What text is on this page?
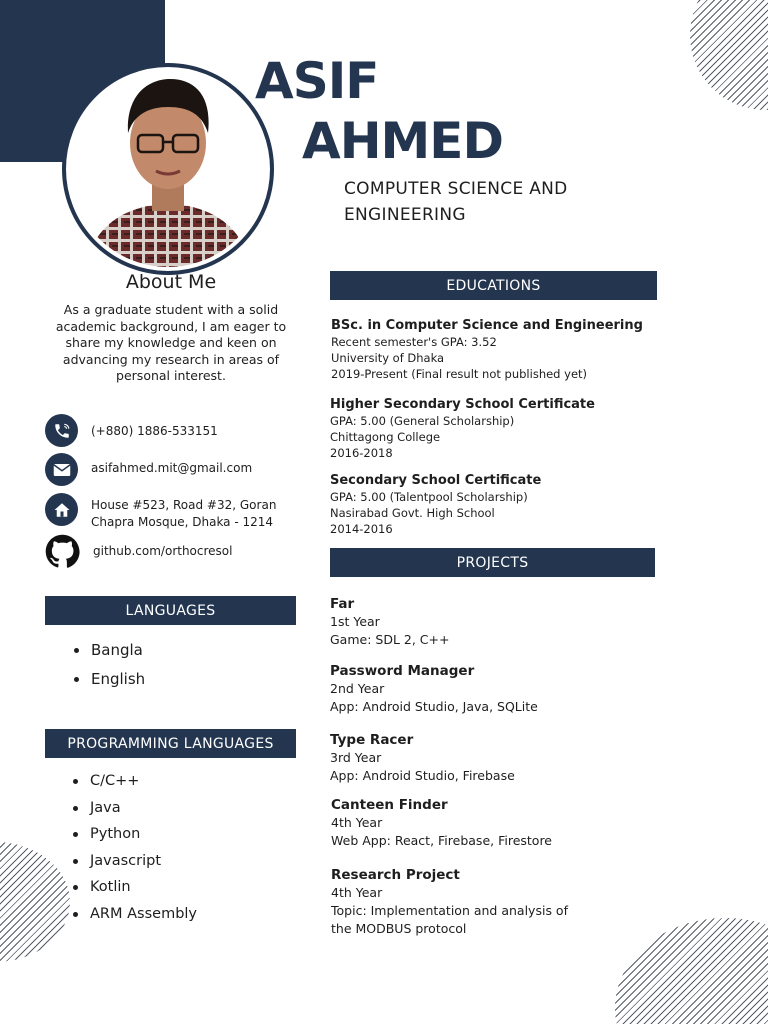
ASIF
AHMED
COMPUTER SCIENCE AND
ENGINEERING
About Me
As a graduate student with a solid academic background, I am eager to share my knowledge and keen on advancing my research in areas of personal interest.
(+880) 1886-533151
asifahmed.mit@gmail.com
House #523, Road #32, Goran
Chapra Mosque, Dhaka - 1214
github.com/orthocresol
LANGUAGES
Bangla
English
PROGRAMMING LANGUAGES
C/C++
Java
Python
Javascript
Kotlin
ARM Assembly
EDUCATIONS
BSc. in Computer Science and Engineering
Recent semester's GPA: 3.52
University of Dhaka
2019-Present (Final result not published yet)
Higher Secondary School Certificate
GPA: 5.00 (General Scholarship)
Chittagong College
2016-2018
Secondary School Certificate
GPA: 5.00 (Talentpool Scholarship)
Nasirabad Govt. High School
2014-2016
PROJECTS
Far
1st Year
Game: SDL 2, C++
Password Manager
2nd Year
App: Android Studio, Java, SQLite
Type Racer
3rd Year
App: Android Studio, Firebase
Canteen Finder
4th Year
Web App: React, Firebase, Firestore
Research Project
4th Year
Topic: Implementation and analysis of
the MODBUS protocol
